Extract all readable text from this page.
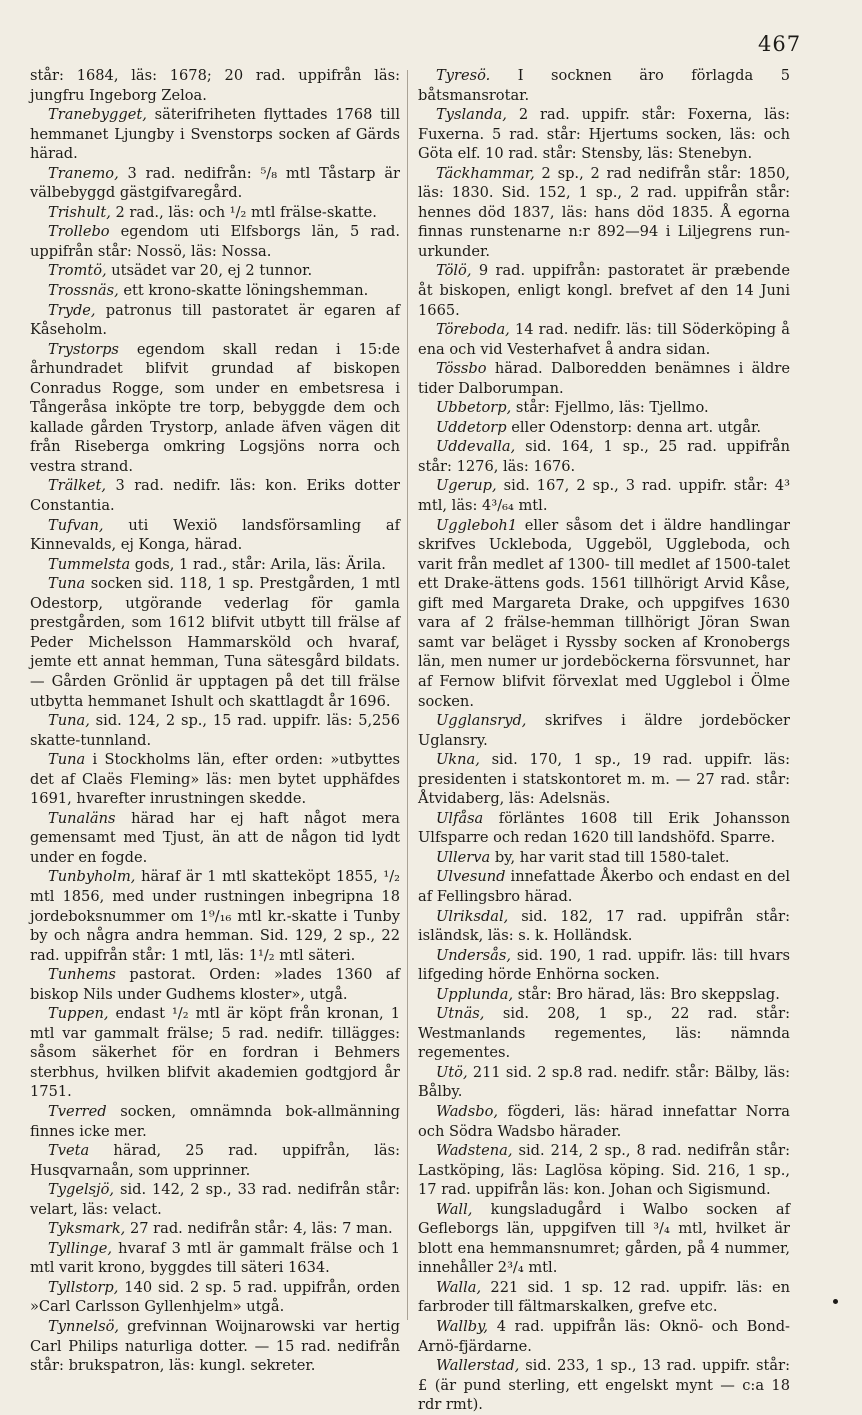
467

står: 1684, läs: 1678; 20 rad. uppifrån läs: jungfru Ingeborg Zeloa.

Tranebygget, säterifriheten flyttades 1768 till hemmanet Ljungby i Svenstorps socken af Gärds härad.

Tranemo, 3 rad. nedifrån: ⁵/₈ mtl Tåstarp är välbebyggd gästgifvaregård.

Trishult, 2 rad., läs: och ¹/₂ mtl frälse-skatte.

Trollebo egendom uti Elfsborgs län, 5 rad. uppifrån står: Nossö, läs: Nossa.

Tromtö, utsädet var 20, ej 2 tunnor.

Trossnäs, ett krono-skatte löningshemman.

Tryde, patronus till pastoratet är egaren af Kåseholm.

Trystorps egendom skall redan i 15:de århundradet blifvit grundad af biskopen Conradus Rogge, som under en embetsresa i Tångeråsa inköpte tre torp, bebyggde dem och kallade gården Trystorp, anlade äfven vägen dit från Riseberga omkring Logsjöns norra och vestra strand.

Trälket, 3 rad. nedifr. läs: kon. Eriks dotter Constantia.

Tufvan, uti Wexiö landsförsamling af Kinnevalds, ej Konga, härad.

Tummelsta gods, 1 rad., står: Arila, läs: Ärila.

Tuna socken sid. 118, 1 sp. Prestgården, 1 mtl Odestorp, utgörande vederlag för gamla prestgården, som 1612 blifvit utbytt till frälse af Peder Michelsson Hammarsköld och hvaraf, jemte ett annat hemman, Tuna sätesgård bildats. — Gården Grönlid är upptagen på det till frälse utbytta hemmanet Ishult och skattlagdt år 1696.

Tuna, sid. 124, 2 sp., 15 rad. uppifr. läs: 5,256 skatte-tunnland.

Tuna i Stockholms län, efter orden: »utbyttes det af Claës Fleming» läs: men bytet upphäfdes 1691, hvarefter inrustningen skedde.

Tunaläns härad har ej haft något mera gemensamt med Tjust, än att de någon tid lydt under en fogde.

Tunbyholm, häraf är 1 mtl skatteköpt 1855, ¹/₂ mtl 1856, med under rustningen inbegripna 18 jordeboksnummer om 1⁹/₁₆ mtl kr.-skatte i Tunby by och några andra hemman. Sid. 129, 2 sp., 22 rad. uppifrån står: 1 mtl, läs: 1¹/₂ mtl säteri.

Tunhems pastorat. Orden: »lades 1360 af biskop Nils under Gudhems kloster», utgå.

Tuppen, endast ¹/₂ mtl är köpt från kronan, 1 mtl var gammalt frälse; 5 rad. nedifr. tillägges: såsom säkerhet för en fordran i Behmers sterbhus, hvilken blifvit akademien godtgjord år 1751.

Tverred socken, omnämnda bok-allmänning finnes icke mer.

Tveta härad, 25 rad. uppifrån, läs: Husqvarnaån, som upprinner.

Tygelsjö, sid. 142, 2 sp., 33 rad. nedifrån står: velart, läs: velact.

Tyksmark, 27 rad. nedifrån står: 4, läs: 7 man.

Tyllinge, hvaraf 3 mtl är gammalt frälse och 1 mtl varit krono, byggdes till säteri 1634.

Tyllstorp, 140 sid. 2 sp. 5 rad. uppifrån, orden »Carl Carlsson Gyllenhjelm» utgå.

Tynnelsö, grefvinnan Woijnarowski var hertig Carl Philips naturliga dotter. — 15 rad. nedifrån står: brukspatron, läs: kungl. sekreter.

Tyresö. I socknen äro förlagda 5 båtsmansrotar.

Tyslanda, 2 rad. uppifr. står: Foxerna, läs: Fuxerna. 5 rad. står: Hjertums socken, läs: och Göta elf. 10 rad. står: Stensby, läs: Stenebyn.

Täckhammar, 2 sp., 2 rad nedifrån står: 1850, läs: 1830. Sid. 152, 1 sp., 2 rad. uppifrån står: hennes död 1837, läs: hans död 1835. Å egorna finnas runstenarne n:r 892—94 i Liljegrens run-urkunder.

Tölö, 9 rad. uppifrån: pastoratet är præbende åt biskopen, enligt kongl. brefvet af den 14 Juni 1665.

Töreboda, 14 rad. nedifr. läs: till Söderköping å ena och vid Vesterhafvet å andra sidan.

Tössbo härad. Dalboredden benämnes i äldre tider Dalborumpan.

Ubbetorp, står: Fjellmo, läs: Tjellmo.

Uddetorp eller Odenstorp: denna art. utgår.

Uddevalla, sid. 164, 1 sp., 25 rad. uppifrån står: 1276, läs: 1676.

Ugerup, sid. 167, 2 sp., 3 rad. uppifr. står: 4³ mtl, läs: 4³/₆₄ mtl.

Uggleboh1 eller såsom det i äldre handlingar skrifves Uckleboda, Uggeböl, Uggleboda, och varit från medlet af 1300- till medlet af 1500-talet ett Drake-ättens gods. 1561 tillhörigt Arvid Kåse, gift med Margareta Drake, och uppgifves 1630 vara af 2 frälse-hemman tillhörigt Jöran Swan samt var beläget i Ryssby socken af Kronobergs län, men numer ur jordeböckerna försvunnet, har af Fernow blifvit förvexlat med Ugglebol i Ölme socken.

Ugglansryd, skrifves i äldre jordeböcker Uglansry.

Ukna, sid. 170, 1 sp., 19 rad. uppifr. läs: presidenten i statskontoret m. m. — 27 rad. står: Åtvidaberg, läs: Adelsnäs.

Ulfåsa förläntes 1608 till Erik Johansson Ulfsparre och redan 1620 till landshöfd. Sparre.

Ullerva by, har varit stad till 1580-talet.

Ulvesund innefattade Åkerbo och endast en del af Fellingsbro härad.

Ulriksdal, sid. 182, 17 rad. uppifrån står: isländsk, läs: s. k. Holländsk.

Undersås, sid. 190, 1 rad. uppifr. läs: till hvars lifgeding hörde Enhörna socken.

Upplunda, står: Bro härad, läs: Bro skeppslag.

Utnäs, sid. 208, 1 sp., 22 rad. står: Westmanlands regementes, läs: nämnda regementes.

Utö, 211 sid. 2 sp.8 rad. nedifr. står: Bälby, läs: Bålby.

Wadsbo, fögderi, läs: härad innefattar Norra och Södra Wadsbo härader.

Wadstena, sid. 214, 2 sp., 8 rad. nedifrån står: Lastköping, läs: Laglösa köping. Sid. 216, 1 sp., 17 rad. uppifrån läs: kon. Johan och Sigismund.

Wall, kungsladugård i Walbo socken af Gefleborgs län, uppgifven till ³/₄ mtl, hvilket är blott ena hemmansnumret; gården, på 4 nummer, innehåller 2³/₄ mtl.

Walla, 221 sid. 1 sp. 12 rad. uppifr. läs: en farbroder till fältmarskalken, grefve etc.

Wallby, 4 rad. uppifrån läs: Oknö- och Bond-Arnö-fjärdarne.

Wallerstad, sid. 233, 1 sp., 13 rad. uppifr. står: £ (är pund sterling, ett engelskt mynt — c:a 18 rdr rmt).
